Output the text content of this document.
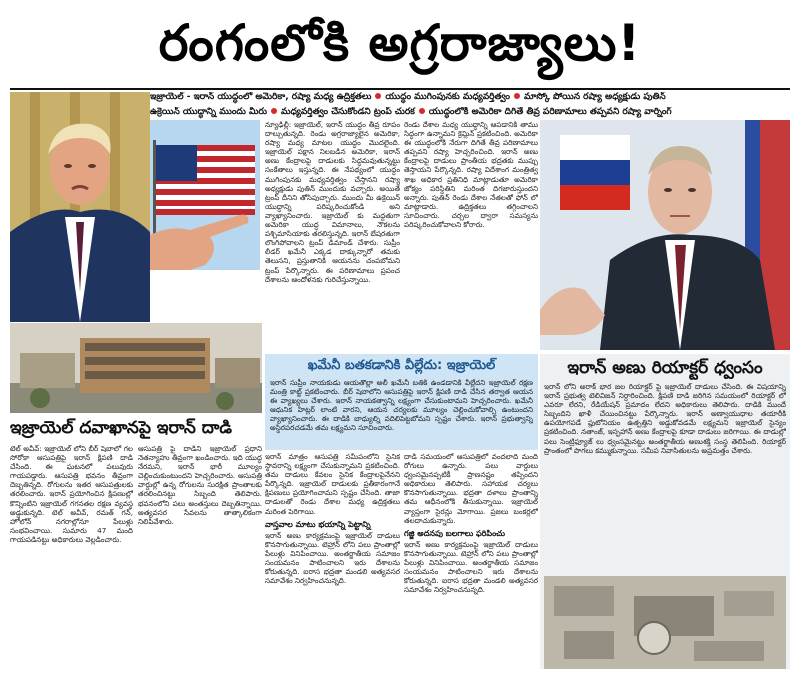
రంగంలోకి అగ్రరాజ్యాలు!
ఇజ్రాయెల్ - ఇరాన్ యుద్ధంలో అమెరికా, రష్యా మధ్య ఉద్రిక్తతలు యుద్ధం ముగింపునకు మధ్యవర్తిత్వం మాస్కో పోయిన రష్యా అధ్యక్షుడు పుతిన్
ఉక్రెయిన్ యుద్ధాన్ని ముందు మీరు మధ్యవర్తిత్వం చేసుకోండని ట్రంప్ చురక యుద్ధంలోకి అమెరికా దిగితే తీవ్ర పరిణామాలు తప్పవని రష్యా వార్నింగ్
న్యూఢిల్లీ: ఇజ్రాయెల్, ఇరాన్ యుద్ధం తీవ్ర రూపం దాల్చుతున్నది. రెండు అగ్రరాజ్యాలైన అమెరికా, రష్యా మధ్య మాటల యుద్ధం మొదలైంది. ఇజ్రాయెల్ పక్షాన నిలబడిన అమెరికా, ఇరాన్ అణు కేంద్రాలపై దాడులకు సిద్ధమవుతున్నట్టు సంకేతాలు ఇస్తున్నది. ఈ నేపథ్యంలో యుద్ధం ముగింపునకు మధ్యవర్తిత్వం చేస్తానని రష్యా అధ్యక్షుడు పుతిన్ ముందుకు వచ్చారు. అయితే ట్రంప్ దీనిని తోసిపుచ్చారు. ముందు మీ ఉక్రెయిన్ యుద్ధాన్ని పరిష్కరించుకోండి అని వ్యాఖ్యానించారు. ఇజ్రాయెల్ కు మద్దతుగా అమెరికా యుద్ధ విమానాలు, నౌకలను పశ్చిమాసియాకు తరలిస్తున్నది. ఇరాన్ బేషరతుగా లొంగిపోవాలని ట్రంప్ డిమాండ్ చేశారు. సుప్రీం లీడర్ ఖమేనీ ఎక్కడ దాక్కున్నారో తమకు తెలుసని, ప్రస్తుతానికి ఆయనను చంపబోమని ట్రంప్ పేర్కొన్నారు. ఈ పరిణామాలు ప్రపంచ దేశాలను ఆందోళనకు గురిచేస్తున్నాయి.
రెండు దేశాల మధ్య యుద్ధాన్ని ఆపడానికి తాము సిద్ధంగా ఉన్నామని క్రెమ్లిన్ ప్రకటించింది. అమెరికా ఈ యుద్ధంలోకి నేరుగా దిగితే తీవ్ర పరిణామాలు తప్పవని రష్యా హెచ్చరించింది. ఇరాన్ అణు కేంద్రాలపై దాడులు ప్రాంతీయ భద్రతకు ముప్పు తెస్తాయని పేర్కొన్నది. రష్యా విదేశాంగ మంత్రిత్వ శాఖ అధికార ప్రతినిధి మాట్లాడుతూ అమెరికా జోక్యం పరిస్థితిని మరింత దిగజారుస్తుందని అన్నారు. పుతిన్ రెండు దేశాల నేతలతో ఫోన్ లో మాట్లాడారు. ఉద్రిక్తతలు తగ్గించాలని సూచించారు. చర్చల ద్వారా సమస్యను పరిష్కరించుకోవాలని కోరారు.
ఖమేనీ బతకడానికి వీల్లేదు: ఇజ్రాయెల్
ఇరాన్ సుప్రీం నాయకుడు ఆయతొల్లా అలీ ఖమేనీ బతికి ఉండడానికి వీల్లేదని ఇజ్రాయెల్ రక్షణ మంత్రి కాట్జ్ ప్రకటించారు. బీర్ షెబాలోని ఆసుపత్రిపై ఇరాన్ క్షిపణి దాడి చేసిన తర్వాత ఆయన ఈ వ్యాఖ్యలు చేశారు. ఇరాన్ నాయకత్వాన్ని లక్ష్యంగా చేసుకుంటామని హెచ్చరించారు. ఖమేనీ ఆధునిక హిట్లర్ లాంటి వారని, ఆయన చర్యలకు మూల్యం చెల్లించుకోవాల్సి ఉంటుందని వ్యాఖ్యానించారు. ఈ దాడికి బాధ్యుల్ని వదిలిపెట్టబోమని స్పష్టం చేశారు. ఇరాన్ ప్రభుత్వాన్ని అస్థిరపరచడమే తమ లక్ష్యమని సూచించారు.
ఇరాన్ అణు రియాక్టర్ ధ్వంసం
ఇరాన్ లోని అరాక్ భార జల రియాక్టర్ పై ఇజ్రాయెల్ దాడులు చేసింది. ఈ విషయాన్ని ఇరాన్ ప్రభుత్వ టెలివిజన్ నిర్ధారించింది. క్షిపణి దాడి జరిగిన సమయంలో రియాక్టర్ లో ఎవరూ లేరని, రేడియేషన్ ప్రమాదం లేదని అధికారులు తెలిపారు. దాడికి ముందే సిబ్బందిని ఖాళీ చేయించినట్టు పేర్కొన్నారు. ఇరాన్ అణ్వాయుధాల తయారీకి ఉపయోగపడే ప్లుటోనియం ఉత్పత్తిని అడ్డుకోవడమే లక్ష్యమని ఇజ్రాయెల్ సైన్యం ప్రకటించింది. నతాంజ్, ఇస్ఫహాన్ అణు కేంద్రాలపై కూడా దాడులు జరిగాయి. ఈ దాడుల్లో పలు సెంట్రిఫ్యూజ్ లు ధ్వంసమైనట్టు అంతర్జాతీయ అణుశక్తి సంస్థ తెలిపింది. రియాక్టర్ ప్రాంతంలో పొగలు కమ్ముకున్నాయి. సమీప నివాసితులను అప్రమత్తం చేశారు.
ఇజ్రాయెల్ దవాఖానపై ఇరాన్ దాడి
టెల్ అవీవ్: ఇజ్రాయెల్ లోని బీర్ షెబాలో గల సోరోకా ఆసుపత్రిపై ఇరాన్ క్షిపణి దాడి చేసింది. ఈ ఘటనలో పలువురు గాయపడ్డారు. ఆసుపత్రి భవనం తీవ్రంగా దెబ్బతిన్నది. రోగులను ఇతర ఆసుపత్రులకు తరలించారు. ఇరాన్ ప్రయోగించిన క్షిపణుల్లో కొన్నింటిని ఇజ్రాయెల్ గగనతల రక్షణ వ్యవస్థ అడ్డుకున్నది. టెల్ అవీవ్, రమత్ గన్, హోలోన్ నగరాల్లోనూ పేలుళ్లు సంభవించాయి. సుమారు 47 మంది గాయపడినట్టు అధికారులు వెల్లడించారు.
ఆసుపత్రి పై దాడిని ఇజ్రాయెల్ ప్రధాని నెతన్యాహు తీవ్రంగా ఖండించారు. ఇది యుద్ధ నేరమని, ఇరాన్ భారీ మూల్యం చెల్లించుకుంటుందని హెచ్చరించారు. ఆసుపత్రి వార్డుల్లో ఉన్న రోగులను సురక్షిత ప్రాంతాలకు తరలించినట్టు సిబ్బంది తెలిపారు. భవనంలోని పలు అంతస్తులు దెబ్బతిన్నాయి. అత్యవసర సేవలను తాత్కాలికంగా నిలిపివేశారు.
ఇరాన్ మాత్రం ఆసుపత్రి సమీపంలోని సైనిక స్థావరాన్ని లక్ష్యంగా చేసుకున్నామని ప్రకటించింది. తమ దాడులు కేవలం సైనిక కేంద్రాలపైనేనని పేర్కొన్నది. ఇజ్రాయెల్ దాడులకు ప్రతీకారంగానే క్షిపణులు ప్రయోగించామని స్పష్టం చేసింది. తాజా దాడులతో రెండు దేశాల మధ్య ఉద్రిక్తతలు మరింత పెరిగాయి.
వాస్తవాల మాటు భయాన్ని పెట్టాన్ని
ఇరాన్ అణు కార్యక్రమంపై ఇజ్రాయెల్ దాడులు కొనసాగుతున్నాయి. టెహ్రాన్ లోని పలు ప్రాంతాల్లో పేలుళ్లు వినిపించాయి. అంతర్జాతీయ సమాజం సంయమనం పాటించాలని ఇరు దేశాలను కోరుతున్నది. ఐరాస భద్రతా మండలి అత్యవసర సమావేశం నిర్వహించనున్నది.
దాడి సమయంలో ఆసుపత్రిలో వందలాది మంది రోగులు ఉన్నారు. పలు వార్డులు ధ్వంసమైనప్పటికీ ప్రాణనష్టం తప్పిందని అధికారులు తెలిపారు. సహాయక చర్యలు కొనసాగుతున్నాయి. భద్రతా దళాలు ప్రాంతాన్ని తమ ఆధీనంలోకి తీసుకున్నాయి. ఇజ్రాయెల్ వ్యాప్తంగా సైరన్లు మోగాయి. ప్రజలు బంకర్లలో తలదాచుకున్నారు.
గజ్జి అదనపు బలగాలు ఫరిపించు
ఇరాన్ అణు కార్యక్రమంపై ఇజ్రాయెల్ దాడులు కొనసాగుతున్నాయి. టెహ్రాన్ లోని పలు ప్రాంతాల్లో పేలుళ్లు వినిపించాయి. అంతర్జాతీయ సమాజం సంయమనం పాటించాలని ఇరు దేశాలను కోరుతున్నది. ఐరాస భద్రతా మండలి అత్యవసర సమావేశం నిర్వహించనున్నది.
